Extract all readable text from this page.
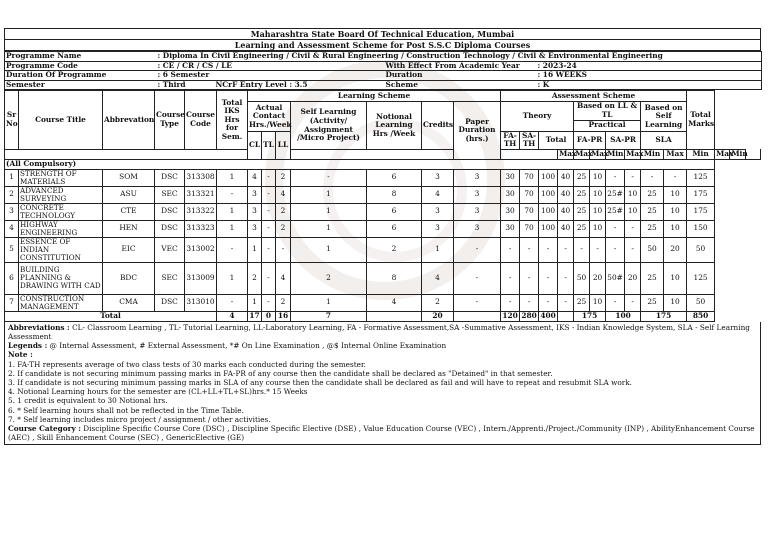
Maharashtra State Board Of Technical Education, Mumbai
Learning and Assessment Scheme for Post S.S.C Diploma Courses
Programme Name	: Diploma In Civil Engineering / Civil & Rural Engineering / Construction Technology / Civil & Environmental Engineering		
Programme Code	: CE / CR / CS / LE	With Effect From Academic Year	: 2023-24
Duration Of Programme	: 6 Semester	Duration	: 16 WEEKS
Semester	: Third NCrF Entry Level : 3.5	Scheme	: K
Sr No	Course Title	Abbrevation	Course Type	Course Code	Total IKS Hrs for Sem.	Learning Scheme							Assessment Scheme										Total Marks			
						Actual Contact Hrs./Week			Self Learning (Activity/ Assignment /Micro Project)	Notional Learning Hrs /Week	Credits	Paper Duration (hrs.)	Theory				Based on LL & TL				Based on Self Learning					
																	Practical									
						CL	TL	LL					FA-TH	SA-TH	Total		FA-PR		SA-PR		SLA					
																Max	Max	Max	Min	Max	Min	Max	Min	Max	Min	
(All Compulsory)																										
1	STRENGTH OF MATERIALS	SOM	DSC	313308	1	4	-	2	-	6	3	3	30	70	100	40	25	10	-	-	-	-	125			
2	ADVANCED SURVEYING	ASU	SEC	313321	-	3	-	4	1	8	4	3	30	70	100	40	25	10	25#	10	25	10	175			
3	CONCRETE TECHNOLOGY	CTE	DSC	313322	1	3	-	2	1	6	3	3	30	70	100	40	25	10	25#	10	25	10	175			
4	HIGHWAY ENGINEERING	HEN	DSC	313323	1	3	-	2	1	6	3	3	30	70	100	40	25	10	-	-	25	10	150			
5	ESSENCE OF INDIAN CONSTITUTION	EIC	VEC	313002	-	1	-	-	1	2	1	-	-	-	-	-	-	-	-	-	50	20	50			
6	BUILDING PLANNING & DRAWING WITH CAD	BDC	SEC	313009	1	2	-	4	2	8	4	-	-	-	-	-	50	20	50#	20	25	10	125			
7	CONSTRUCTION MANAGEMENT	CMA	DSC	313010	-	1	-	2	1	4	2	-	-	-	-	-	25	10	-	-	25	10	50			
Total					4	17	0	16	7		20		120	280	400		175		100		175		850			
Abbreviations : CL- Classroom Learning , TL- Tutorial Learning, LL-Laboratory Learning, FA - Formative Assessment,SA -Summative Assessment, IKS - Indian Knowledge System, SLA - Self Learning Assessment
Legends : @ Internal Assessment, # External Assessment, *# On Line Examination , @$ Internal Online Examination
Note :
1. FA-TH represents average of two class tests of 30 marks each conducted during the semester.
2. If candidate is not securing minimum passing marks in FA-PR of any course then the candidate shall be declared as "Detained" in that semester.
3. If candidate is not securing minimum passing marks in SLA of any course then the candidate shall be declared as fail and will have to repeat and resubmit SLA work.
4. Notional Learning hours for the semester are (CL+LL+TL+SL)hrs.* 15 Weeks
5. 1 credit is equivalent to 30 Notional hrs.
6. * Self learning hours shall not be reflected in the Time Table.
7. * Self learning includes micro project / assignment / other activities.
Course Category : Discipline Specific Course Core (DSC) , Discipline Specific Elective (DSE) , Value Education Course (VEC) , Intern./Apprenti./Project./Community (INP) , AbilityEnhancement Course (AEC) , Skill Enhancement Course (SEC) , GenericElective (GE)
